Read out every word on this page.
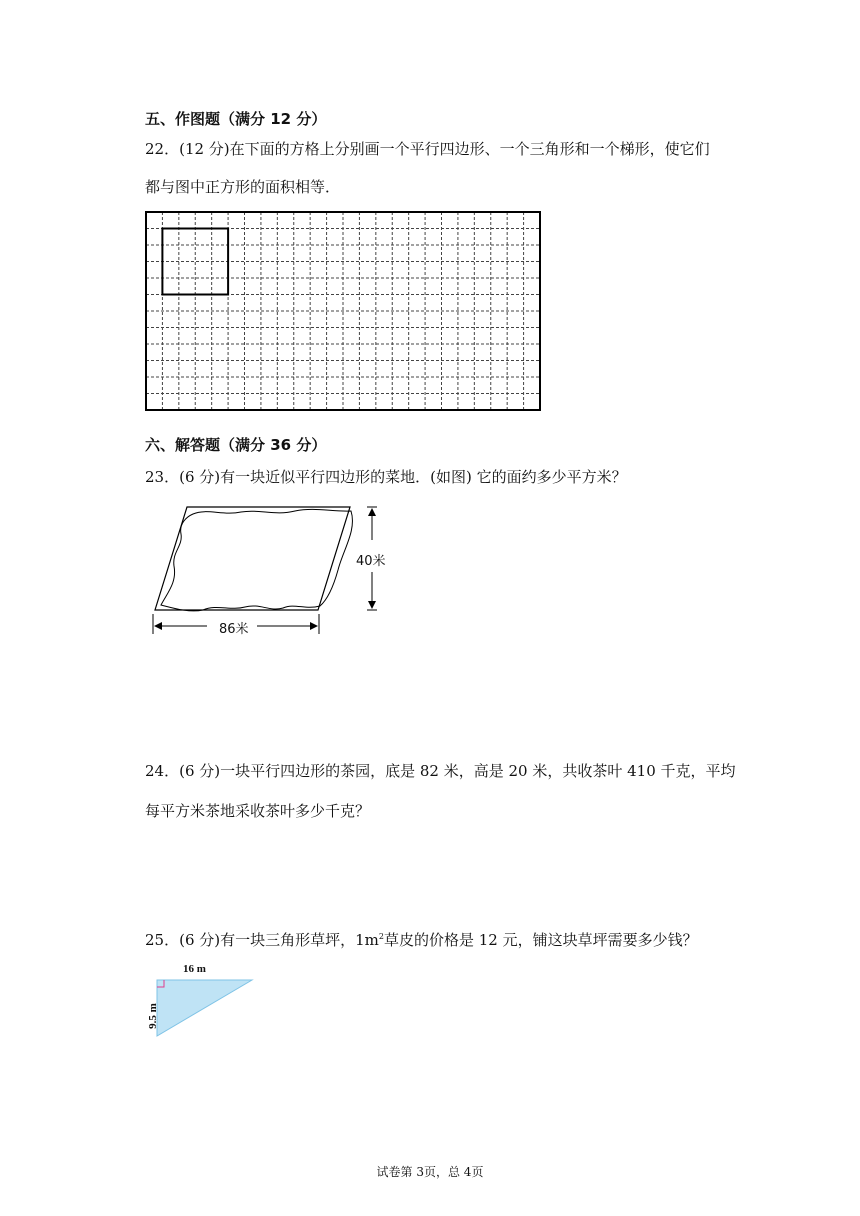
五、作图题（满分 12 分）
22．(12 分)在下面的方格上分别画一个平行四边形、一个三角形和一个梯形，使它们
都与图中正方形的面积相等．
六、解答题（满分 36 分）
23．(6 分)有一块近似平行四边形的菜地．(如图) 它的面约多少平方米？
40米
86米
24．(6 分)一块平行四边形的茶园，底是 82 米，高是 20 米，共收茶叶 410 千克，平均
每平方米茶地采收茶叶多少千克？
25．(6 分)有一块三角形草坪，$1m^2$草皮的价格是 12 元，铺这块草坪需要多少钱？
16 m
9.5 m
试卷第 3页，总 4页
